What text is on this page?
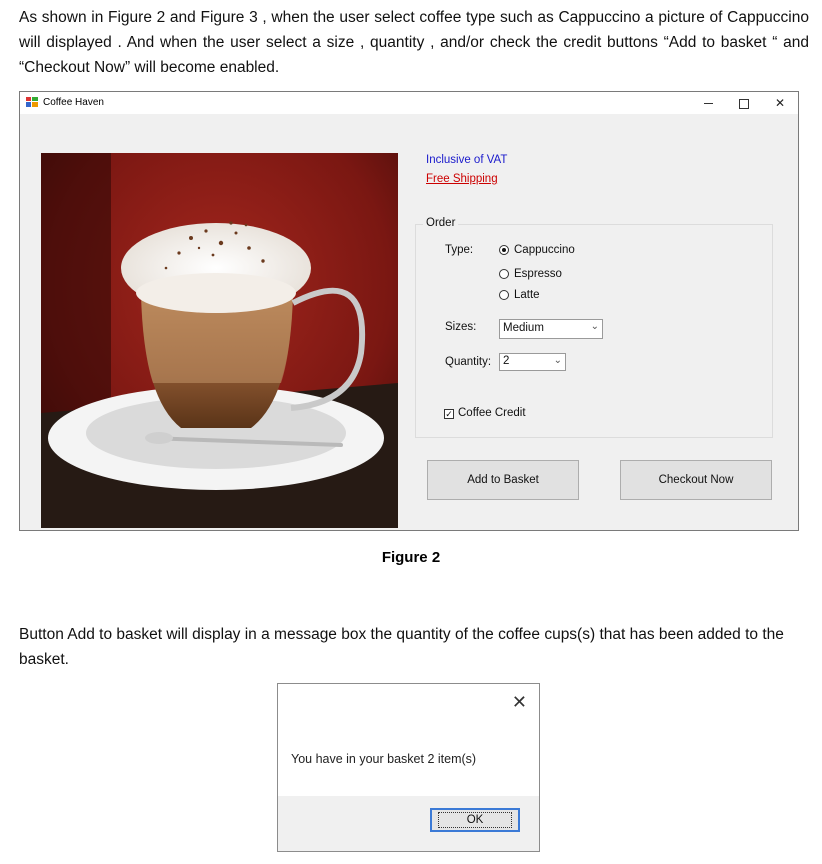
As shown in Figure 2 and Figure 3 , when the user select coffee type such as Cappuccino a picture of Cappuccino will displayed . And when the user select a size , quantity , and/or check the credit buttons “Add to basket “ and “Checkout Now” will become enabled.

Coffee Haven	✕
Inclusive of VAT
Free Shipping
Order
Type:	Cappuccino
Espresso
Latte
Sizes: Medium	⌄
Quantity: 2	⌄
✓ Coffee Credit
Add to Basket	Checkout Now
Figure 2

Button Add to basket will display in a message box the quantity of the coffee cups(s) that has been added to the basket.

✕
You have in your basket 2 item(s)
OK
